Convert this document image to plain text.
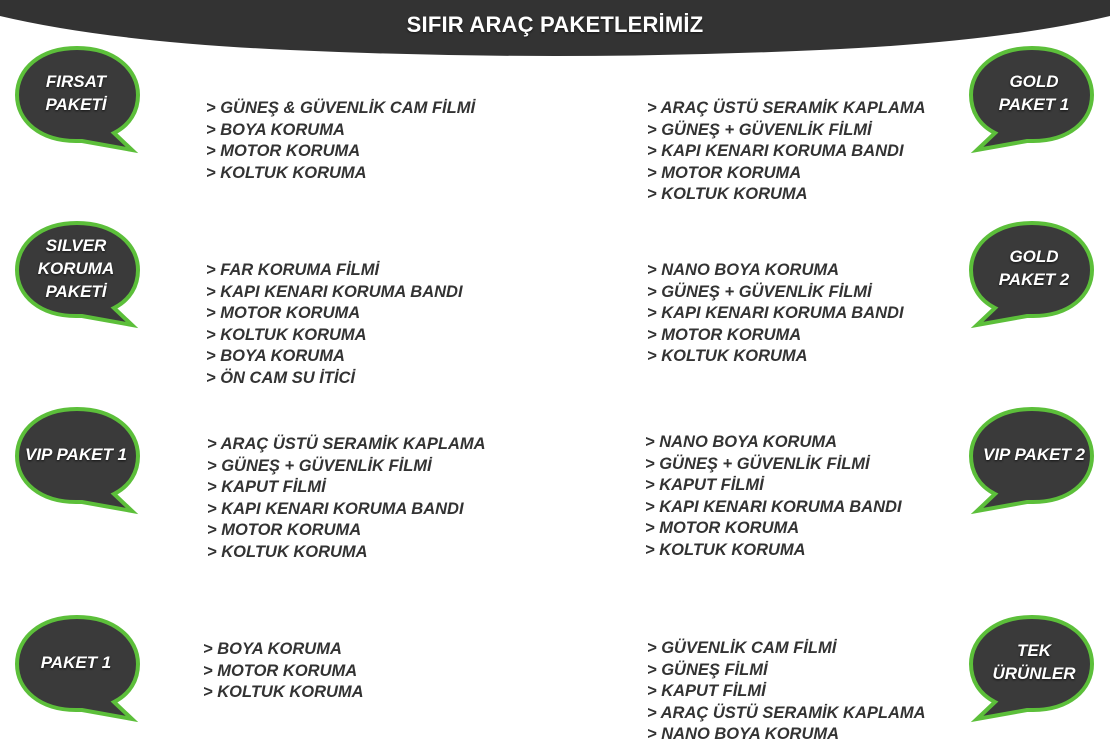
SIFIR ARAÇ PAKETLERİMİZ
FIRSAT
PAKETİ	> GÜNEŞ & GÜVENLİK CAM FİLMİ
> BOYA KORUMA
> MOTOR KORUMA
> KOLTUK KORUMA
SILVER
KORUMA
PAKETİ
> FAR KORUMA FİLMİ
> KAPI KENARI KORUMA BANDI
> MOTOR KORUMA
> KOLTUK KORUMA
> BOYA KORUMA
> ÖN CAM SU İTİCİ
VIP PAKET 1
> ARAÇ ÜSTÜ SERAMİK KAPLAMA
> GÜNEŞ + GÜVENLİK FİLMİ
> KAPUT FİLMİ
> KAPI KENARI KORUMA BANDI
> MOTOR KORUMA
> KOLTUK KORUMA
PAKET 1
> BOYA KORUMA
> MOTOR KORUMA
> KOLTUK KORUMA
GOLD
PAKET 1
> ARAÇ ÜSTÜ SERAMİK KAPLAMA
> GÜNEŞ + GÜVENLİK FİLMİ
> KAPI KENARI KORUMA BANDI
> MOTOR KORUMA
> KOLTUK KORUMA
GOLD
PAKET 2
> NANO BOYA KORUMA
> GÜNEŞ + GÜVENLİK FİLMİ
> KAPI KENARI KORUMA BANDI
> MOTOR KORUMA
> KOLTUK KORUMA
VIP PAKET 2
> NANO BOYA KORUMA
> GÜNEŞ + GÜVENLİK FİLMİ
> KAPUT FİLMİ
> KAPI KENARI KORUMA BANDI
> MOTOR KORUMA
> KOLTUK KORUMA
TEK
ÜRÜNLER
> GÜVENLİK CAM FİLMİ
> GÜNEŞ FİLMİ
> KAPUT FİLMİ
> ARAÇ ÜSTÜ SERAMİK KAPLAMA
> NANO BOYA KORUMA
